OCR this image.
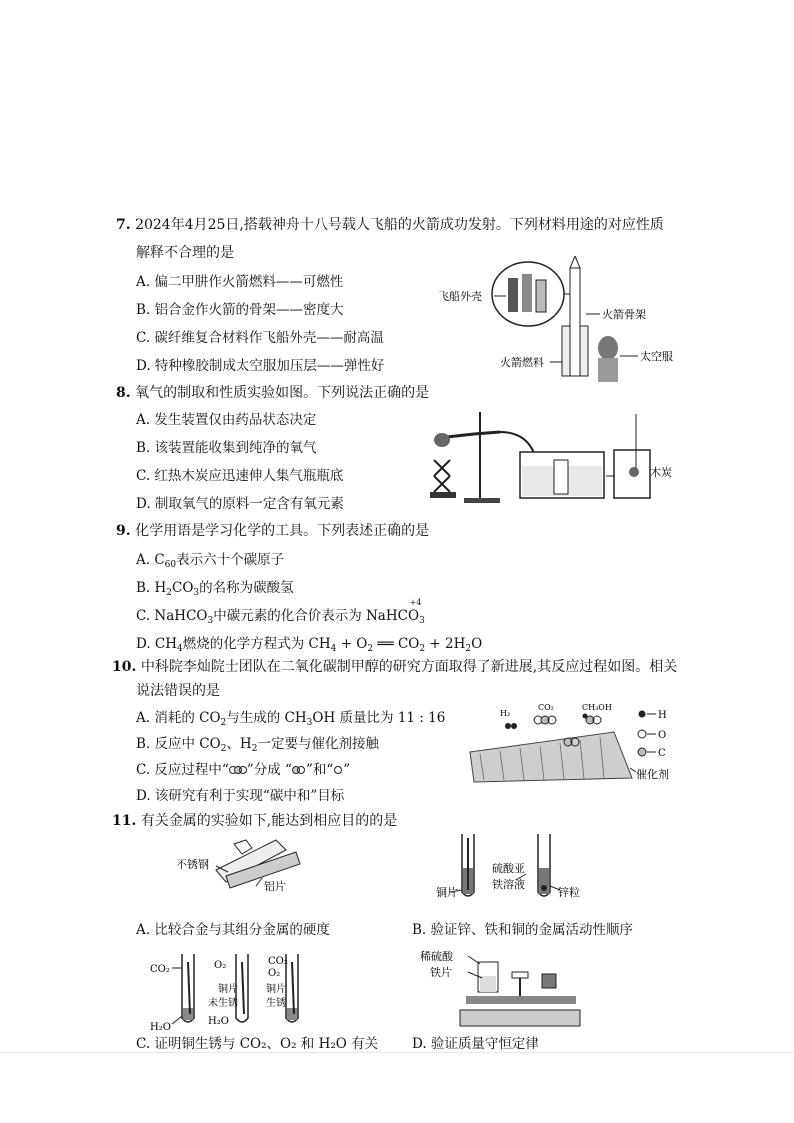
7. 2024年4月25日,搭载神舟十八号载人飞船的火箭成功发射。下列材料用途的对应性质
解释不合理的是
A. 偏二甲肼作火箭燃料——可燃性
B. 铝合金作火箭的骨架——密度大
C. 碳纤维复合材料作飞船外壳——耐高温
D. 特种橡胶制成太空服加压层——弹性好
飞船外壳
火箭骨架
火箭燃料	太空服
8. 氧气的制取和性质实验如图。下列说法正确的是
A. 发生装置仅由药品状态决定
B. 该装置能收集到纯净的氧气
C. 红热木炭应迅速伸人集气瓶瓶底
D. 制取氧气的原料一定含有氧元素
木炭
9. 化学用语是学习化学的工具。下列表述正确的是
A. $C_{60}$表示六十个碳原子
B. $H_2CO_3$的名称为碳酸氢
C. NaHCO$_3$中碳元素的化合价表示为 NaHC
+4
$O_3$
D. $CH_4$燃烧的化学方程式为 $CH_4 + O_2$ ══ $CO_2 + 2H_2O$
10. 中科院李灿院士团队在二氧化碳制甲醇的研究方面取得了新进展,其反应过程如图。相关
说法错误的是
A. 消耗的 $CO_2$与生成的 $CH_3OH$ 质量比为 11 : 16
B. 反应中 $CO_2$、$H_2$一定要与催化剂接触
C. 反应过程中“ ”分成 “ ”和“ ”
D. 该研究有利于实现“碳中和”目标
H₂
CO₂	CH₃OH
H
O
C
催化剂
11. 有关金属的实验如下,能达到相应目的的是
不锈钢
铝片
A. 比较合金与其组分金属的硬度
铜片
硫酸亚
铁溶液
锌粒
B. 验证锌、铁和铜的金属活动性顺序
CO₂	O₂
铜片
未生锈
H₂O
CO₂
O₂
铜片
生锈
H₂O
C. 证明铜生锈与 CO₂、O₂ 和 H₂O 有关
稀硫酸
铁片
D. 验证质量守恒定律
